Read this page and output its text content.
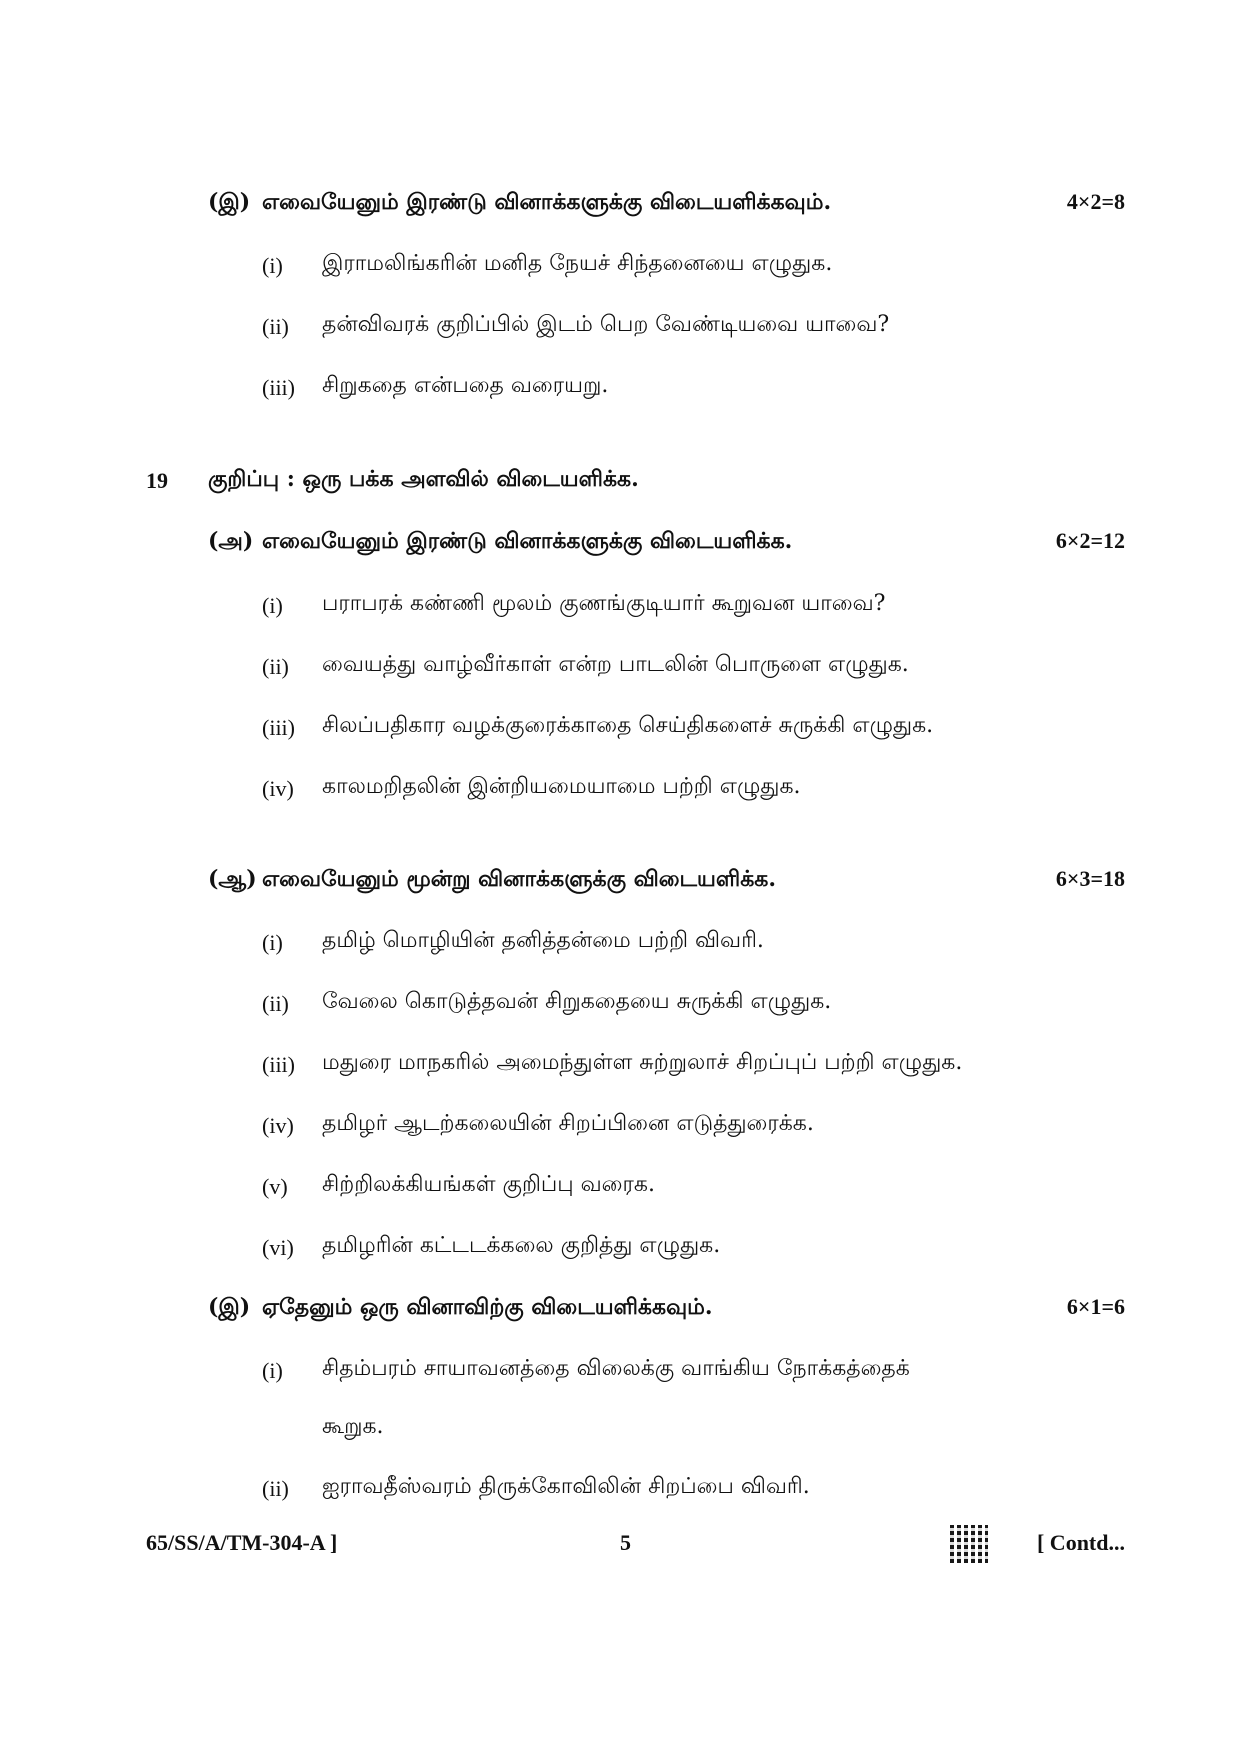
(இ) எவையேனும் இரண்டு வினாக்களுக்கு விடையளிக்கவும்.	4×2=8
(i) இராமலிங்கரின் மனித நேயச் சிந்தனையை எழுதுக.
(ii) தன்விவரக் குறிப்பில் இடம் பெற வேண்டியவை யாவை?
(iii) சிறுகதை என்பதை வரையறு.
19 குறிப்பு : ஒரு பக்க அளவில் விடையளிக்க.
(அ) எவையேனும் இரண்டு வினாக்களுக்கு விடையளிக்க.	6×2=12
(i) பராபரக் கண்ணி மூலம் குணங்குடியார் கூறுவன யாவை?
(ii) வையத்து வாழ்வீர்காள் என்ற பாடலின் பொருளை எழுதுக.
(iii) சிலப்பதிகார வழக்குரைக்காதை செய்திகளைச் சுருக்கி எழுதுக.
(iv) காலமறிதலின் இன்றியமையாமை பற்றி எழுதுக.
(ஆ) எவையேனும் மூன்று வினாக்களுக்கு விடையளிக்க.	6×3=18
(i) தமிழ் மொழியின் தனித்தன்மை பற்றி விவரி.
(ii) வேலை கொடுத்தவன் சிறுகதையை சுருக்கி எழுதுக.
(iii) மதுரை மாநகரில் அமைந்துள்ள சுற்றுலாச் சிறப்புப் பற்றி எழுதுக.
(iv) தமிழர் ஆடற்கலையின் சிறப்பினை எடுத்துரைக்க.
(v) சிற்றிலக்கியங்கள் குறிப்பு வரைக.
(vi) தமிழரின் கட்டடக்கலை குறித்து எழுதுக.
(இ) ஏதேனும் ஒரு வினாவிற்கு விடையளிக்கவும்.	6×1=6
(i) சிதம்பரம் சாயாவனத்தை விலைக்கு வாங்கிய நோக்கத்தைக்
கூறுக.
(ii) ஐராவதீஸ்வரம் திருக்கோவிலின் சிறப்பை விவரி.
65/SS/A/TM-304-A ]	5	[ Contd...
